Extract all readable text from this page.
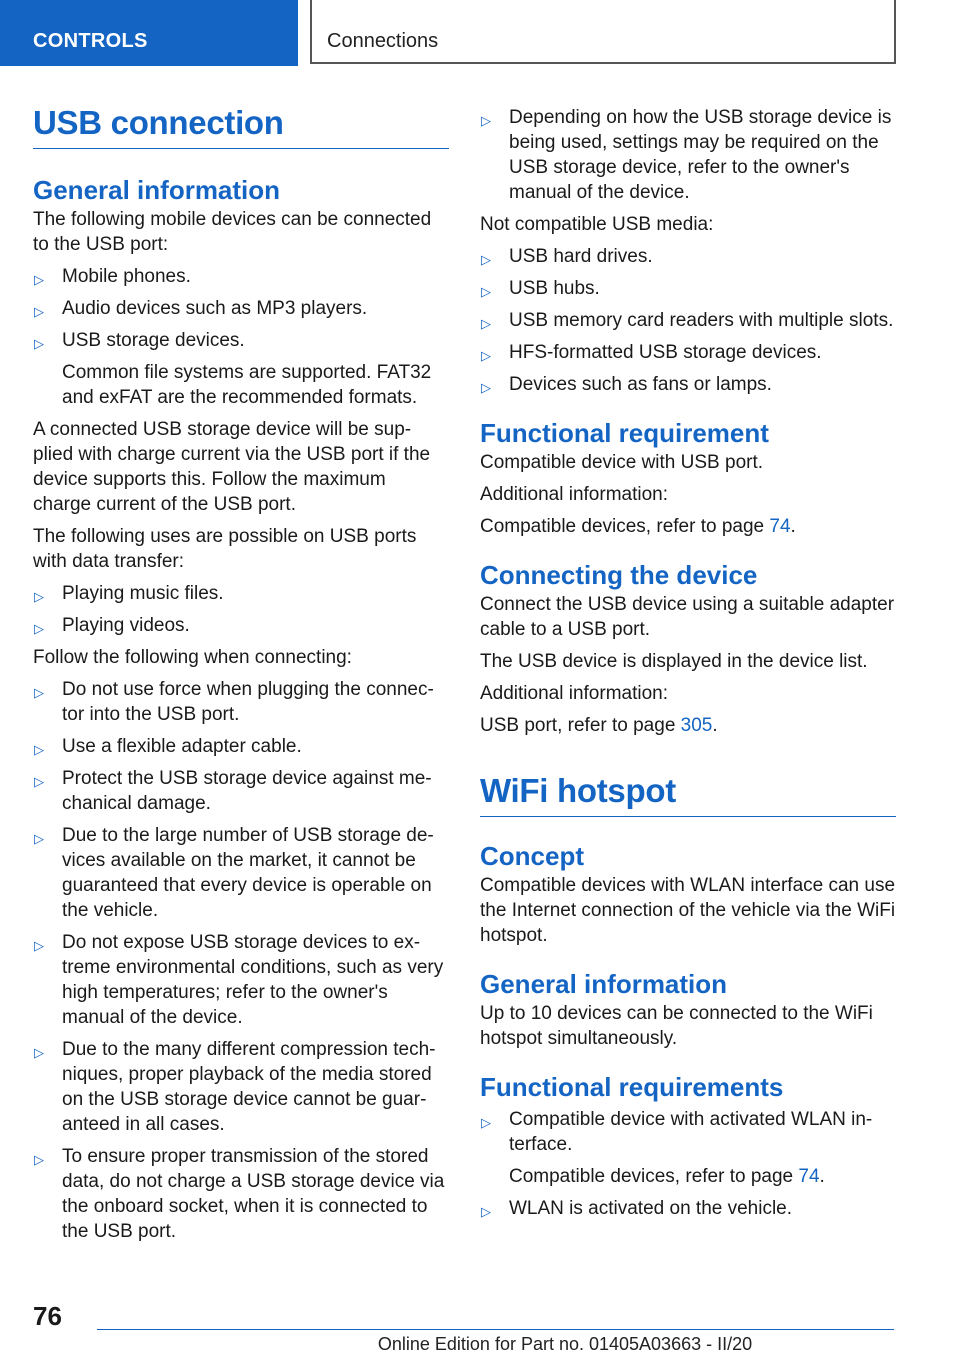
CONTROLS	Connections
USB connection
General information

The following mobile devices can be connected to the USB port:

▷ Mobile phones.
▷ Audio devices such as MP3 players.
▷ USB storage devices.
Common file systems are supported. FAT32 and exFAT are the recommended formats.

A connected USB storage device will be sup-plied with charge current via the USB port if the device supports this. Follow the maximum charge current of the USB port.

The following uses are possible on USB ports with data transfer:

▷ Playing music files.
▷ Playing videos.

Follow the following when connecting:

▷ Do not use force when plugging the connec-tor into the USB port.
▷ Use a flexible adapter cable.
▷ Protect the USB storage device against me-chanical damage.
▷ Due to the large number of USB storage de-vices available on the market, it cannot be guaranteed that every device is operable on the vehicle.
▷ Do not expose USB storage devices to ex-treme environmental conditions, such as very high temperatures; refer to the owner's manual of the device.
▷ Due to the many different compression tech-niques, proper playback of the media stored on the USB storage device cannot be guar-anteed in all cases.
▷ To ensure proper transmission of the stored data, do not charge a USB storage device via the onboard socket, when it is connected to the USB port.
▷ Depending on how the USB storage device is being used, settings may be required on the USB storage device, refer to the owner's manual of the device.

Not compatible USB media:

▷ USB hard drives.
▷ USB hubs.
▷ USB memory card readers with multiple slots.
▷ HFS-formatted USB storage devices.
▷ Devices such as fans or lamps.
Functional requirement

Compatible device with USB port.

Additional information:

Compatible devices, refer to page 74.

Connecting the device

Connect the USB device using a suitable adapter cable to a USB port.

The USB device is displayed in the device list.

Additional information:

USB port, refer to page 305.

WiFi hotspot
Concept

Compatible devices with WLAN interface can use the Internet connection of the vehicle via the WiFi hotspot.

General information

Up to 10 devices can be connected to the WiFi hotspot simultaneously.

Functional requirements
▷ Compatible device with activated WLAN in-terface.
Compatible devices, refer to page 74.
▷ WLAN is activated on the vehicle.
76
Online Edition for Part no. 01405A03663 - II/20
